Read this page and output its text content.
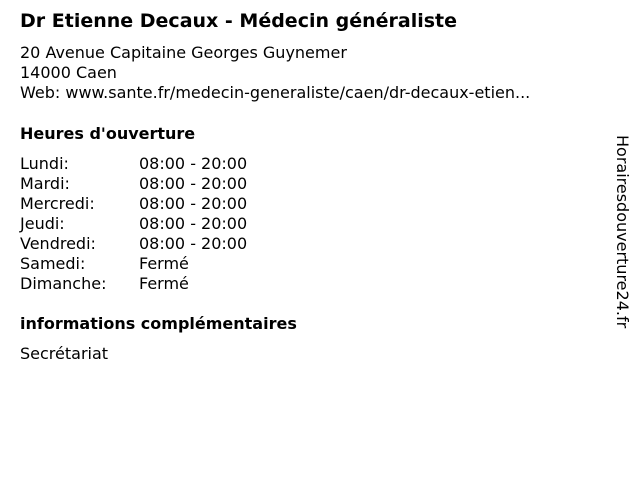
Dr Etienne Decaux - Médecin généraliste
20 Avenue Capitaine Georges Guynemer
14000 Caen
Web: www.sante.fr/medecin-generaliste/caen/dr-decaux-etien...
Heures d'ouverture
Lundi:	08:00 - 20:00
Mardi:	08:00 - 20:00
Mercredi:	08:00 - 20:00
Jeudi:	08:00 - 20:00
Vendredi:	08:00 - 20:00
Samedi:	Fermé
Dimanche: Fermé
informations complémentaires
Secrétariat
Horairesdouverture24.fr
